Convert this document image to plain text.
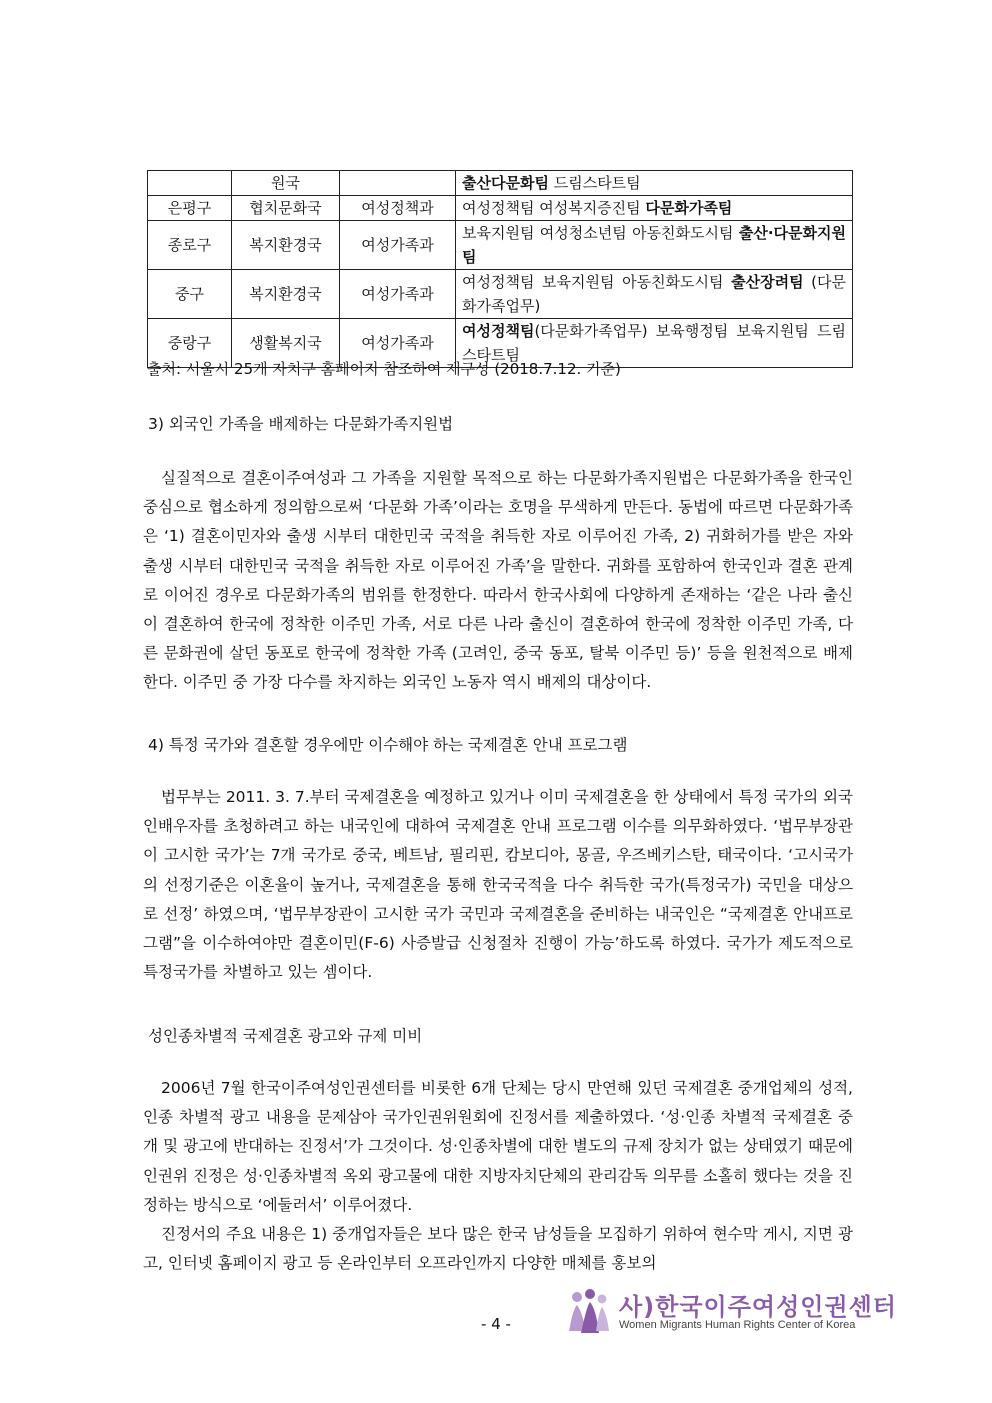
	원국		출산다문화팀 드림스타트팀
은평구	협치문화국	여성정책과	여성정책팀 여성복지증진팀 다문화가족팀
종로구	복지환경국	여성가족과	보육지원팀 여성청소년팀 아동친화도시팀 출산·다문화지원팀
중구	복지환경국	여성가족과	여성정책팀 보육지원팀 아동친화도시팀 출산장려팀 (다문화가족업무)
중랑구	생활복지국	여성가족과	여성정책팀(다문화가족업무) 보육행정팀 보육지원팀 드림스타트팀
출처: 서울시 25개 자치구 홈페이지 참조하여 재구성 (2018.7.12. 기준)
3) 외국인 가족을 배제하는 다문화가족지원법

실질적으로 결혼이주여성과 그 가족을 지원할 목적으로 하는 다문화가족지원법은 다문화가족을 한국인 중심으로 협소하게 정의함으로써 ‘다문화 가족’이라는 호명을 무색하게 만든다. 동법에 따르면 다문화가족은 ‘1) 결혼이민자와 출생 시부터 대한민국 국적을 취득한 자로 이루어진 가족, 2) 귀화허가를 받은 자와 출생 시부터 대한민국 국적을 취득한 자로 이루어진 가족’을 말한다. 귀화를 포함하여 한국인과 결혼 관계로 이어진 경우로 다문화가족의 범위를 한정한다. 따라서 한국사회에 다양하게 존재하는 ‘같은 나라 출신이 결혼하여 한국에 정착한 이주민 가족, 서로 다른 나라 출신이 결혼하여 한국에 정착한 이주민 가족, 다른 문화권에 살던 동포로 한국에 정착한 가족 (고려인, 중국 동포, 탈북 이주민 등)’ 등을 원천적으로 배제한다. 이주민 중 가장 다수를 차지하는 외국인 노동자 역시 배제의 대상이다.

4) 특정 국가와 결혼할 경우에만 이수해야 하는 국제결혼 안내 프로그램

법무부는 2011. 3. 7.부터 국제결혼을 예정하고 있거나 이미 국제결혼을 한 상태에서 특정 국가의 외국인배우자를 초청하려고 하는 내국인에 대하여 국제결혼 안내 프로그램 이수를 의무화하였다. ‘법무부장관이 고시한 국가’는 7개 국가로 중국, 베트남, 필리핀, 캄보디아, 몽골, 우즈베키스탄, 태국이다. ‘고시국가의 선정기준은 이혼율이 높거나, 국제결혼을 통해 한국국적을 다수 취득한 국가(특정국가) 국민을 대상으로 선정’ 하였으며, ‘법무부장관이 고시한 국가 국민과 국제결혼을 준비하는 내국인은 “국제결혼 안내프로그램”을 이수하여야만 결혼이민(F-6) 사증발급 신청절차 진행이 가능’하도록 하였다. 국가가 제도적으로 특정국가를 차별하고 있는 셈이다.

성인종차별적 국제결혼 광고와 규제 미비

2006년 7월 한국이주여성인권센터를 비롯한 6개 단체는 당시 만연해 있던 국제결혼 중개업체의 성적, 인종 차별적 광고 내용을 문제삼아 국가인권위원회에 진정서를 제출하였다. ‘성·인종 차별적 국제결혼 중개 및 광고에 반대하는 진정서’가 그것이다. 성·인종차별에 대한 별도의 규제 장치가 없는 상태였기 때문에 인권위 진정은 성·인종차별적 옥외 광고물에 대한 지방자치단체의 관리감독 의무를 소홀히 했다는 것을 진정하는 방식으로 ‘에둘러서’ 이루어졌다.

진정서의 주요 내용은 1) 중개업자들은 보다 많은 한국 남성들을 모집하기 위하여 현수막 게시, 지면 광고, 인터넷 홈페이지 광고 등 온라인부터 오프라인까지 다양한 매체를 홍보의

- 4 -
사)한국이주여성인권센터
Women Migrants Human Rights Center of Korea
